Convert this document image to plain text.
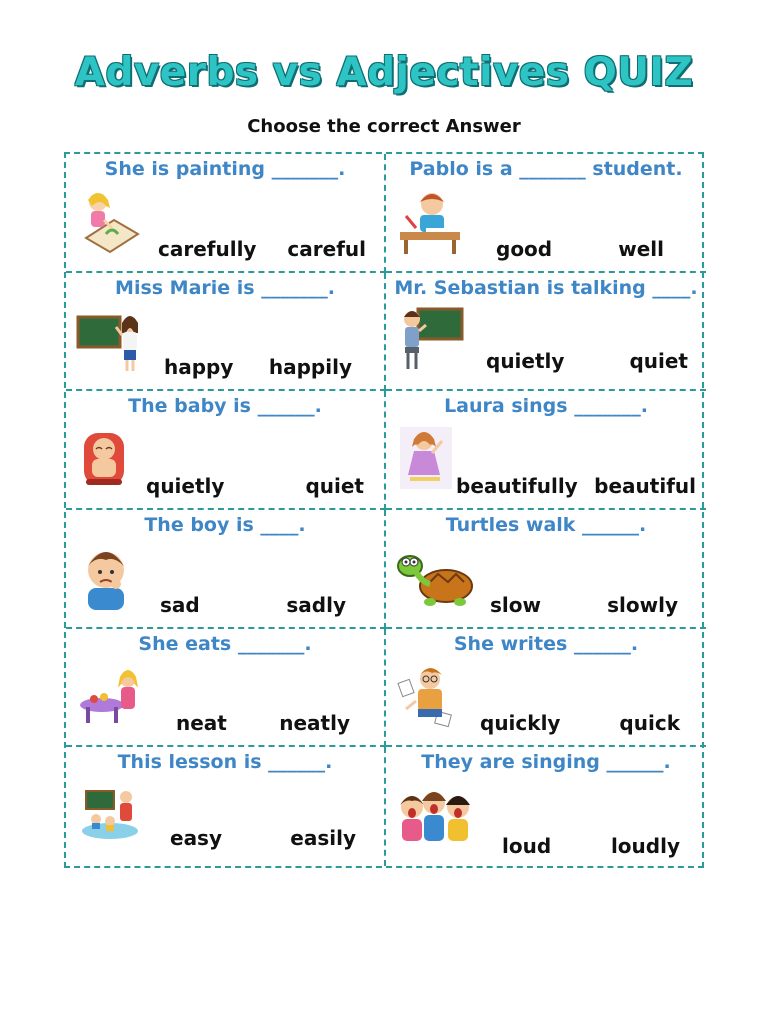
Adverbs vs Adjectives QUIZ
Choose the correct Answer
She is painting _______.
carefully careful
Pablo is a _______ student.
good	well
Miss Marie is _______.
happy happily
Mr. Sebastian is talking ____.
quietly	quiet
The baby is ______.
quietly	quiet
Laura sings _______.
beautifully beautiful
The boy is ____.
sad	sadly
Turtles walk ______.
slow	slowly
She eats _______.
neat	neatly
She writes ______.
quickly	quick
This lesson is ______.
easy	easily
They are singing ______.
loud	loudly
